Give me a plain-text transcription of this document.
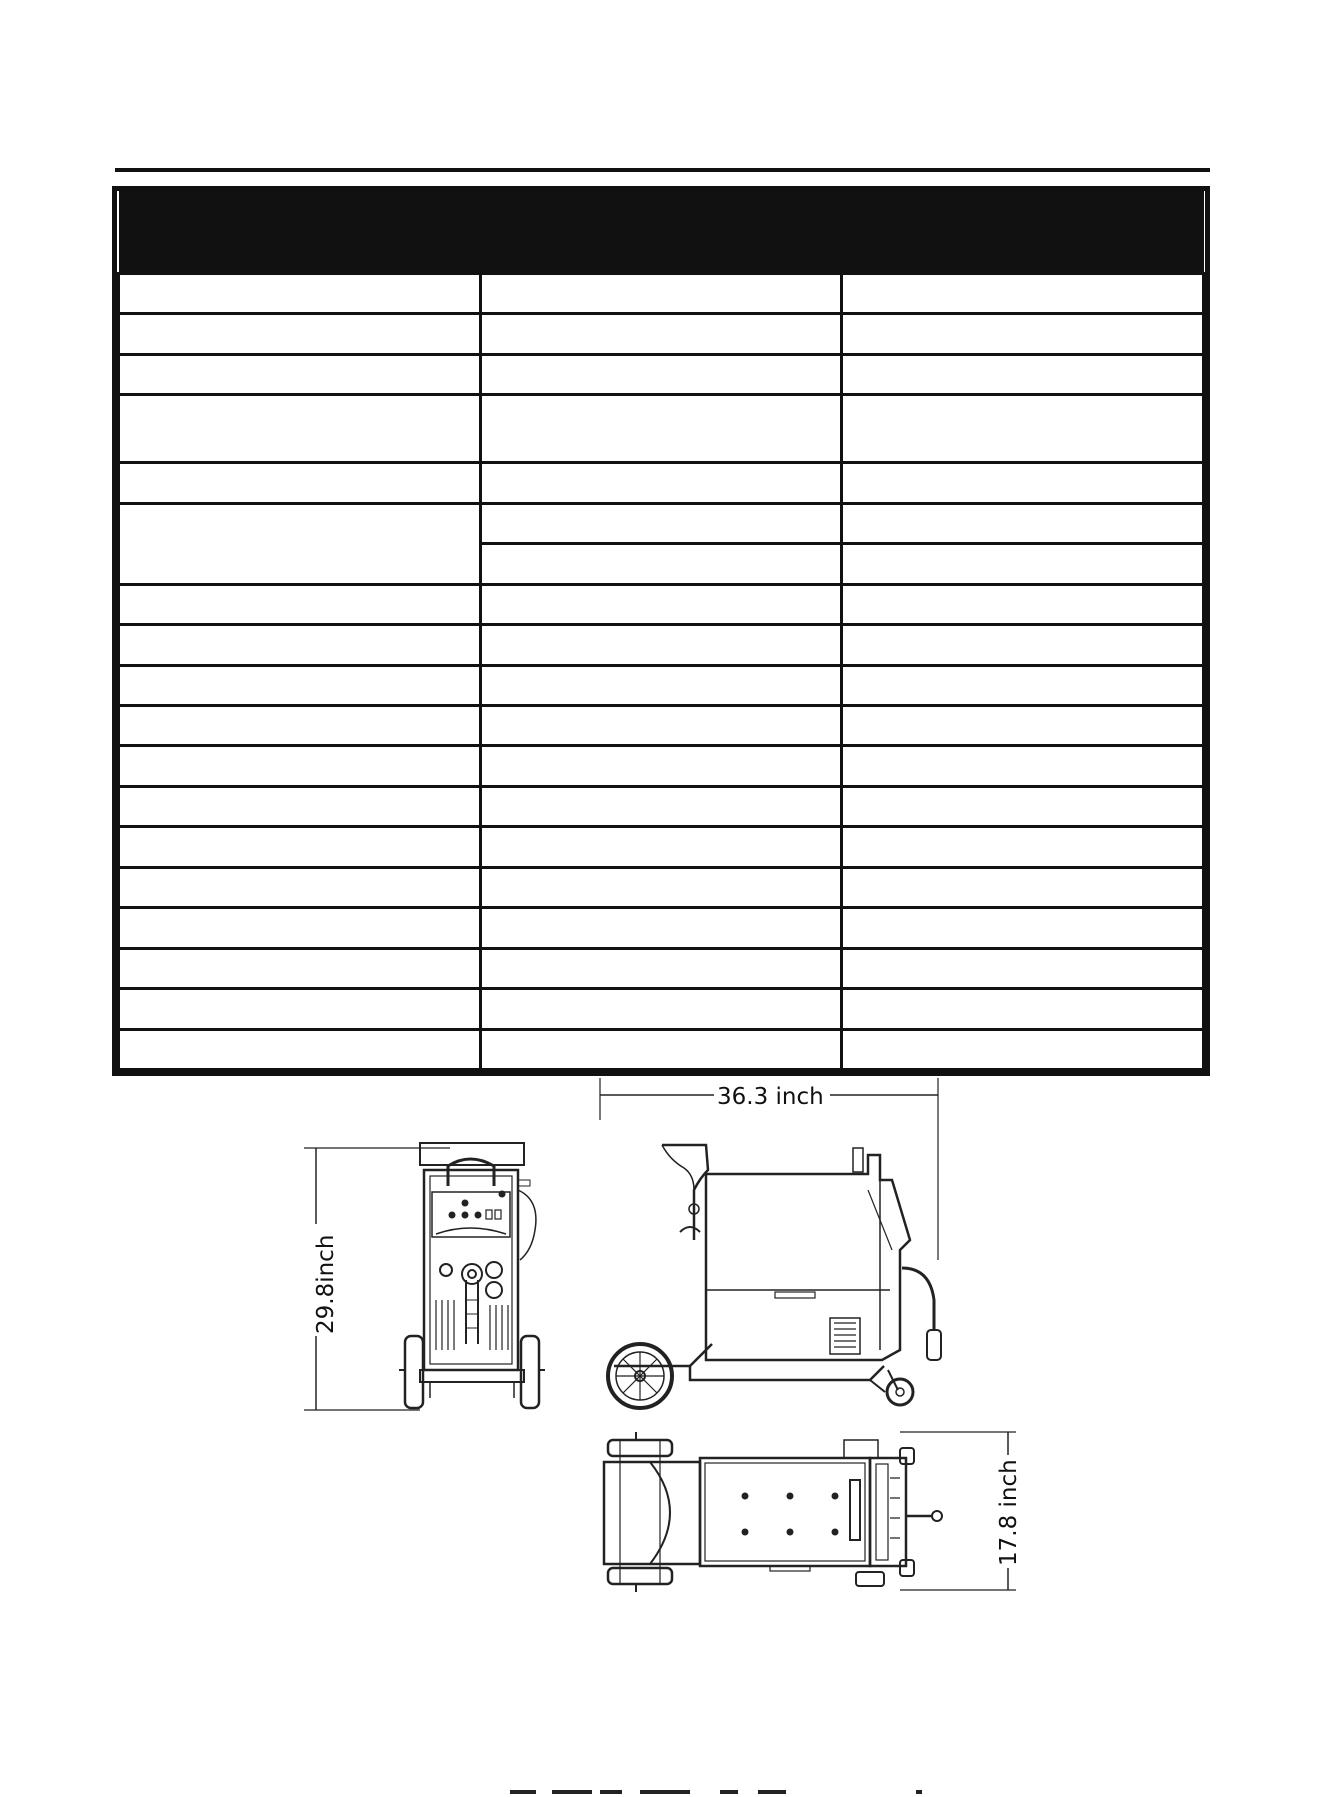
36.3 inch
29.8inch
17.8 inch
